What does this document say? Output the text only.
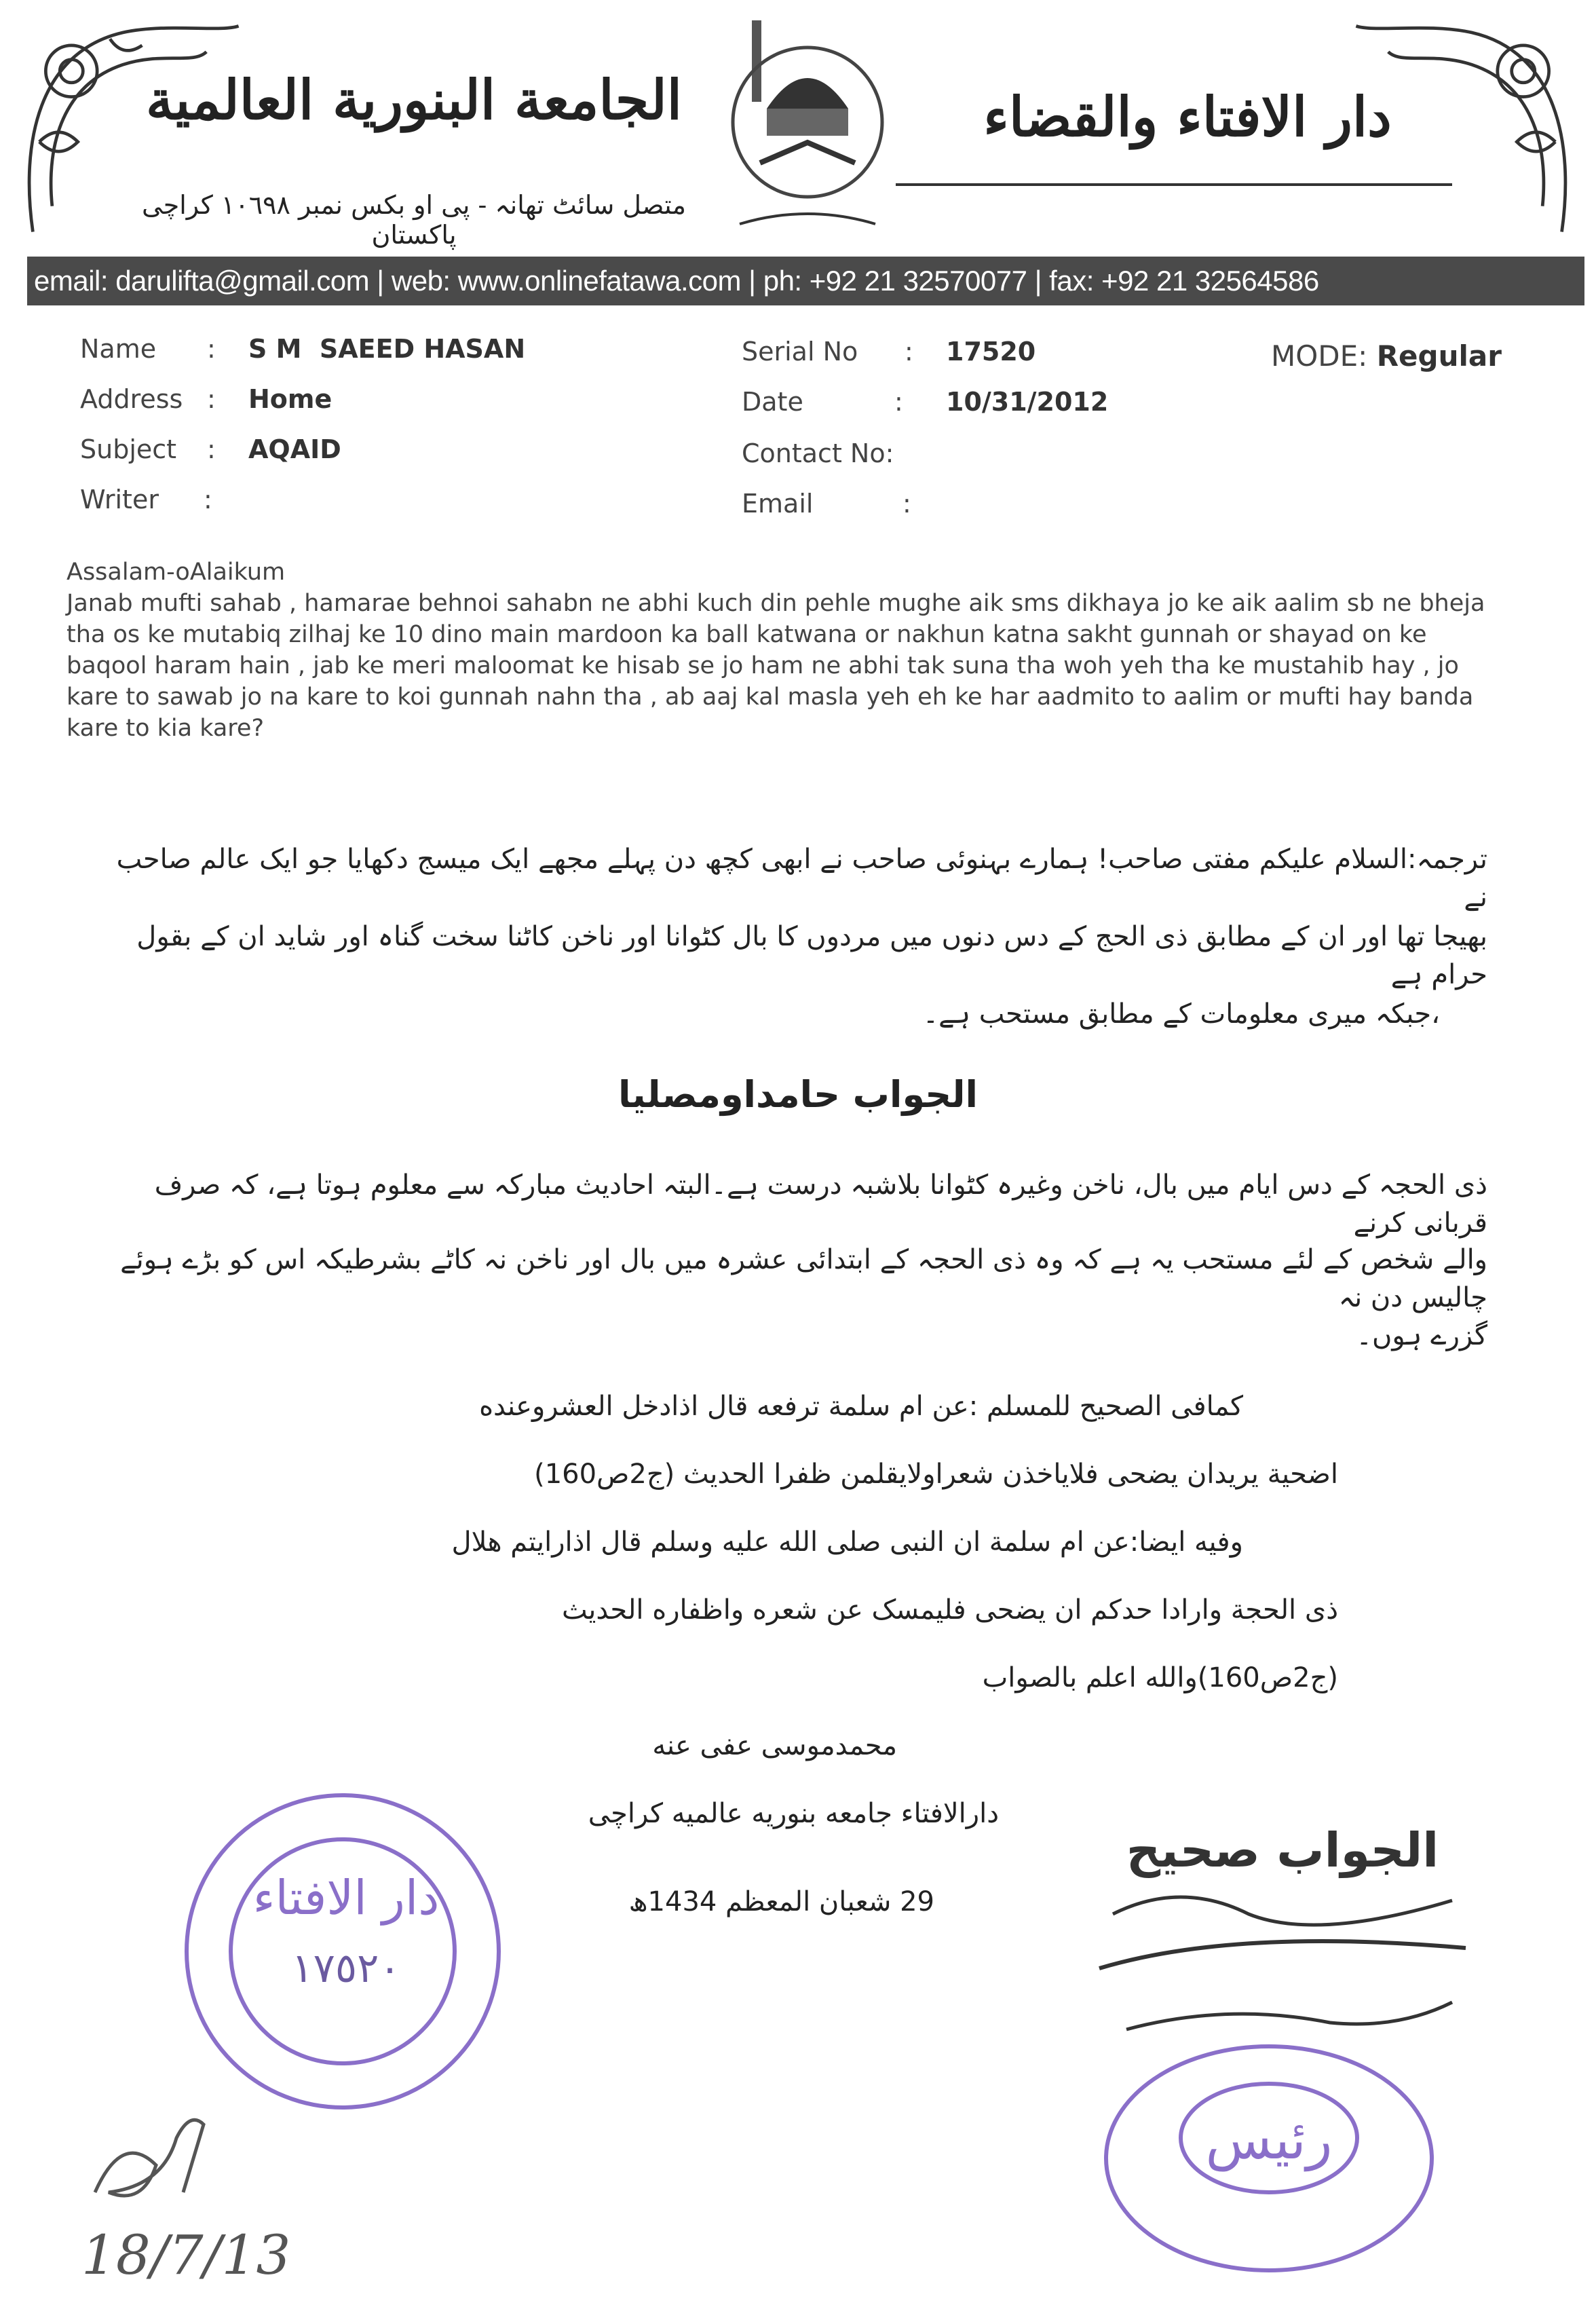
الجامعة البنورية العالمية
متصل سائٹ تھانہ - پی او بکس نمبر ١٠٦٩٨ کراچی پاکستان
دار الافتاء والقضاء
email: darulifta@gmail.com | web: www.onlinefatawa.com | ph: +92 21 32570077 | fax: +92 21 32564586
Name : S M  SAEED HASAN
Address : Home
Subject : AQAID
Writer :
Serial No : 17520
Date	: 10/31/2012
Contact No:
Email	:
MODE: Regular
Assalam-oAlaikum
Janab mufti sahab , hamarae behnoi sahabn ne abhi kuch din pehle mughe aik sms dikhaya jo ke aik aalim sb ne bheja tha os ke mutabiq zilhaj ke 10 dino main mardoon ka ball katwana or nakhun katna sakht gunnah or shayad on ke baqool haram hain , jab ke meri maloomat ke hisab se jo ham ne abhi tak suna tha woh yeh tha ke mustahib hay , jo kare to sawab jo na kare to koi gunnah nahn tha , ab aaj kal masla yeh eh ke har aadmito to aalim or mufti hay banda kare to kia kare?
ترجمہ:السلام علیکم مفتی صاحب! ہمارے بہنوئی صاحب نے ابھی کچھ دن پہلے مجھے ایک میسج دکھایا جو ایک عالم صاحب نے
بھیجا تھا اور ان کے مطابق ذی الحج کے دس دنوں میں مردوں کا بال کٹوانا اور ناخن کاٹنا سخت گناہ اور شاید ان کے بقول حرام ہے
،جبکہ میری معلومات کے مطابق مستحب ہے۔
الجواب حامداومصلیا
ذی الحجہ کے دس ایام میں بال، ناخن وغیرہ کٹوانا بلاشبہ درست ہے۔البتہ احادیث مبارکہ سے معلوم ہوتا ہے، کہ صرف قربانی کرنے
والے شخص کے لئے مستحب یہ ہے کہ وہ ذی الحجہ کے ابتدائی عشرہ میں بال اور ناخن نہ کاٹے بشرطیکہ اس کو بڑے ہوئے چالیس دن نہ
گزرے ہوں۔
كمافی الصحيح للمسلم :عن ام سلمة ترفعه قال اذادخل العشروعنده
اضحية يريدان يضحی فلاياخذن شعراولايقلمن ظفرا الحديث (ج2ص160)
وفيه ايضا:عن ام سلمة ان النبی صلی الله عليه وسلم قال اذارايتم هلال
ذی الحجة وارادا حدكم ان يضحی فليمسک عن شعره واظفاره الحديث
(ج2ص160)والله اعلم بالصواب
محمدموسی عفی عنه
دارالافتاء جامعه بنوريه عالميه كراچی
29 شعبان المعظم 1434ھ
دار الافتاء
١٧٥٢٠
18/7/13
الجواب صحیح
رئیس
